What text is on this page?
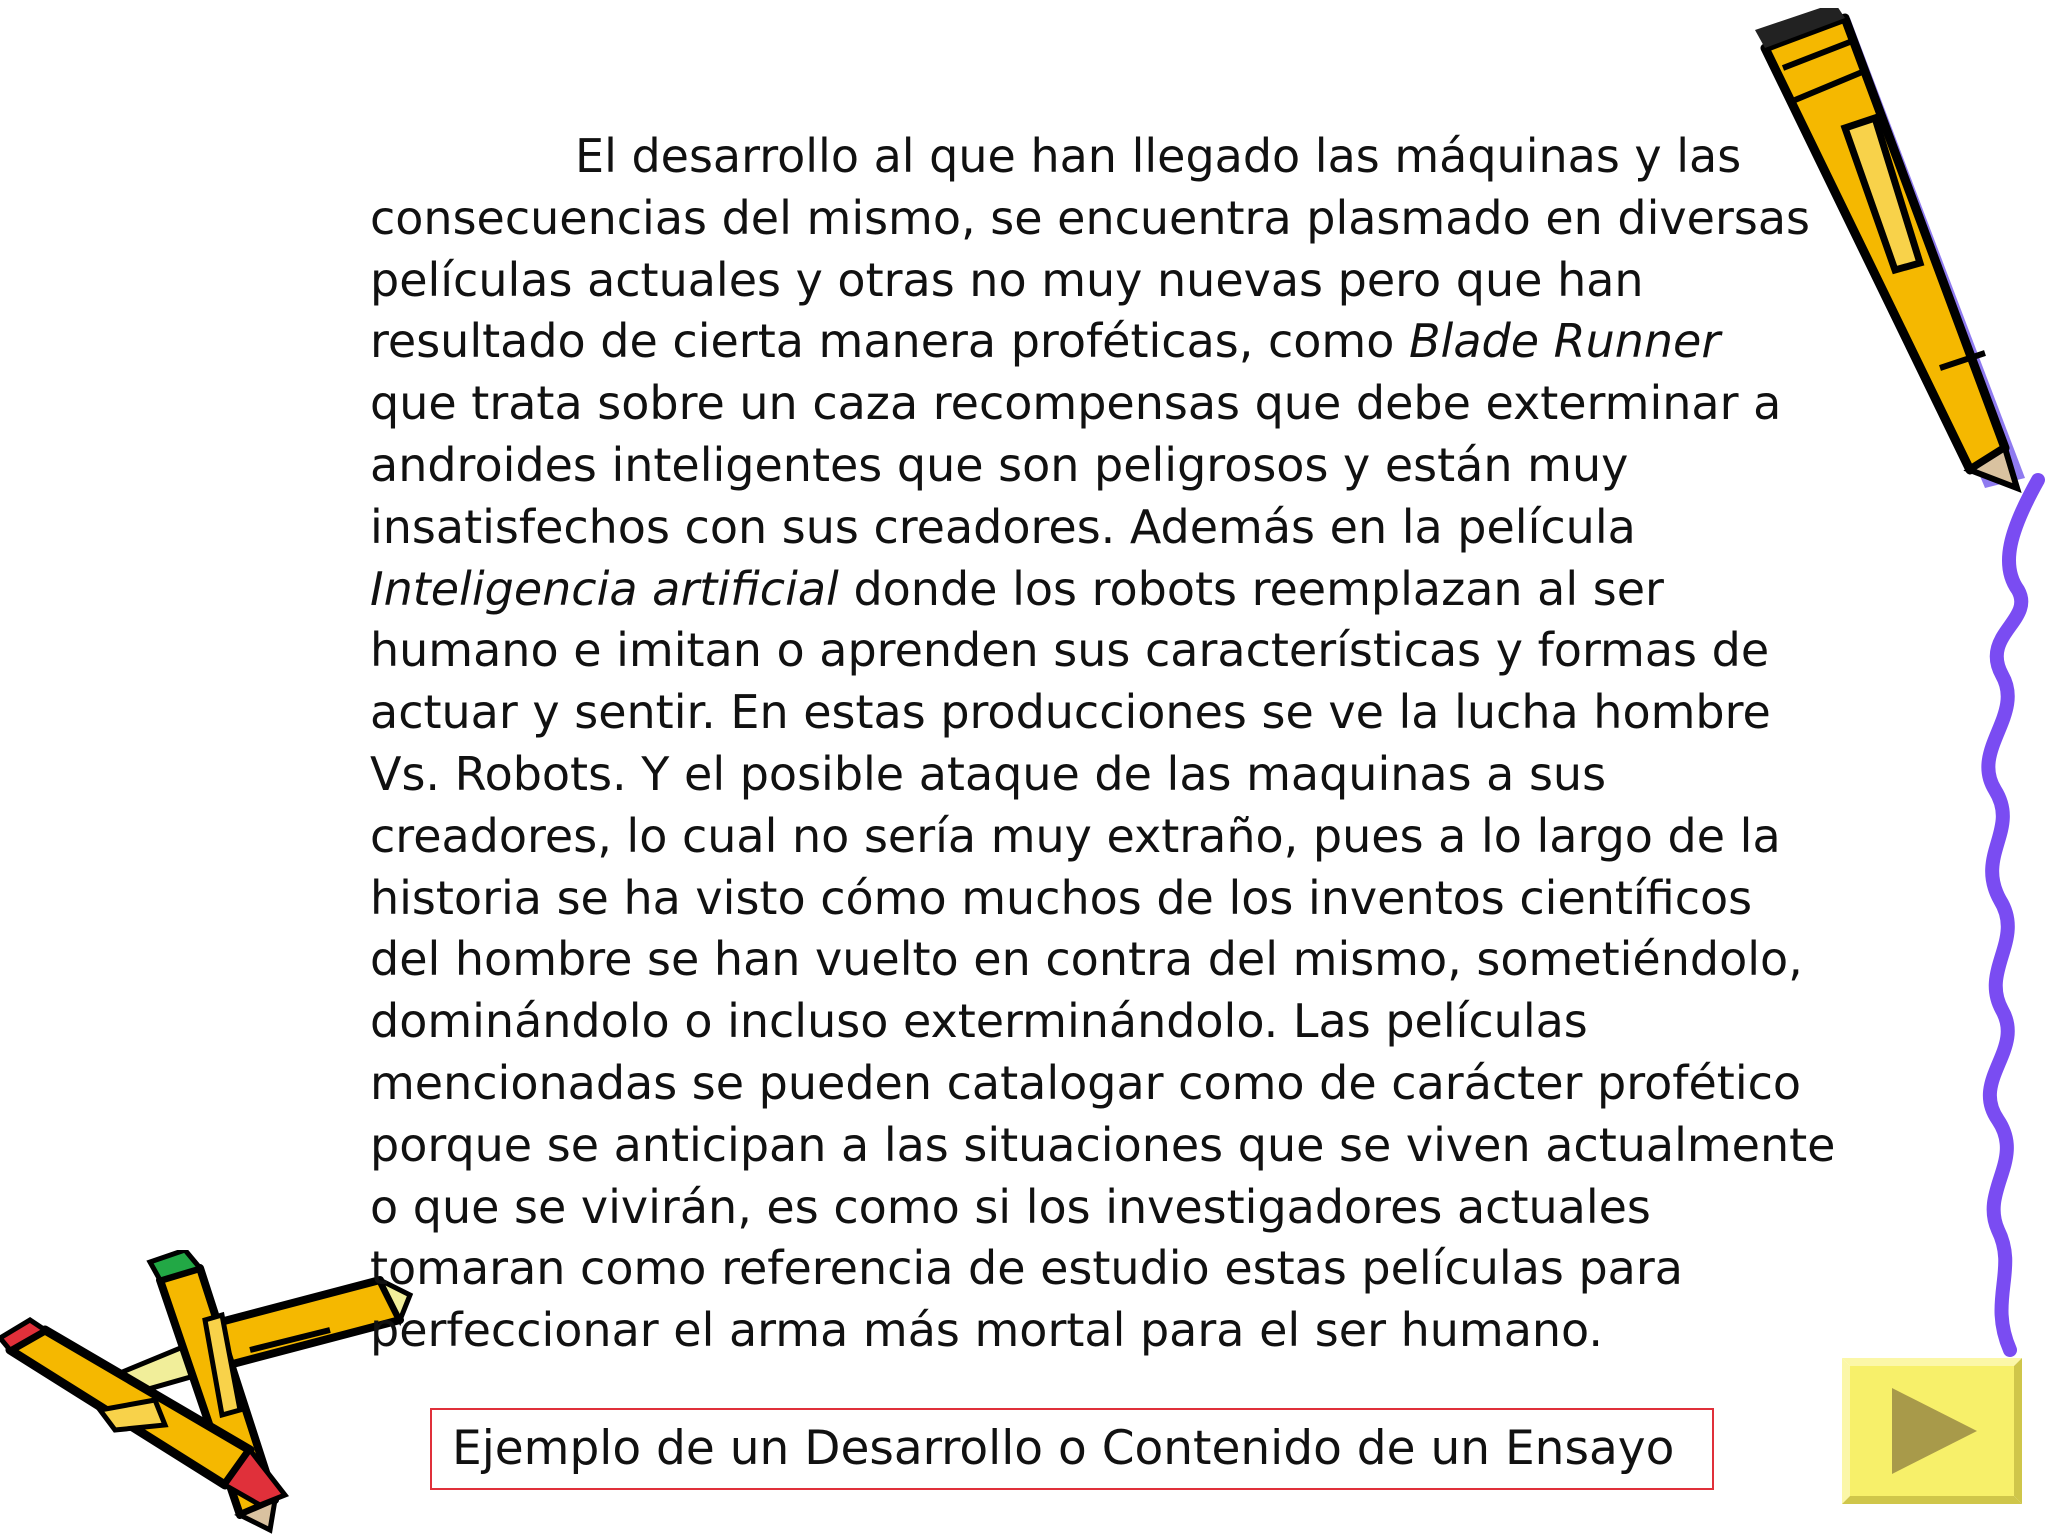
El desarrollo al que han llegado las máquinas y las
consecuencias del mismo, se encuentra plasmado en diversas
películas actuales y otras no muy nuevas pero que han
resultado de cierta manera proféticas, como Blade Runner
que trata sobre un caza recompensas que debe exterminar a
androides inteligentes que son peligrosos y están muy
insatisfechos con sus creadores. Además en la película
Inteligencia artificial donde los robots reemplazan al ser
humano e imitan o aprenden sus características y formas de
actuar y sentir. En estas producciones se ve la lucha hombre
Vs. Robots. Y el posible ataque de las maquinas a sus
creadores, lo cual no sería muy extraño, pues a lo largo de la
historia se ha visto cómo muchos de los inventos científicos
del hombre se han vuelto en contra del mismo, sometiéndolo,
dominándolo o incluso exterminándolo. Las películas
mencionadas se pueden catalogar como de carácter profético
porque se anticipan a las situaciones que se viven actualmente
o que se vivirán, es como si los investigadores actuales
tomaran como referencia de estudio estas películas para
perfeccionar el arma más mortal para el ser humano.
Ejemplo de un Desarrollo o Contenido de un Ensayo
